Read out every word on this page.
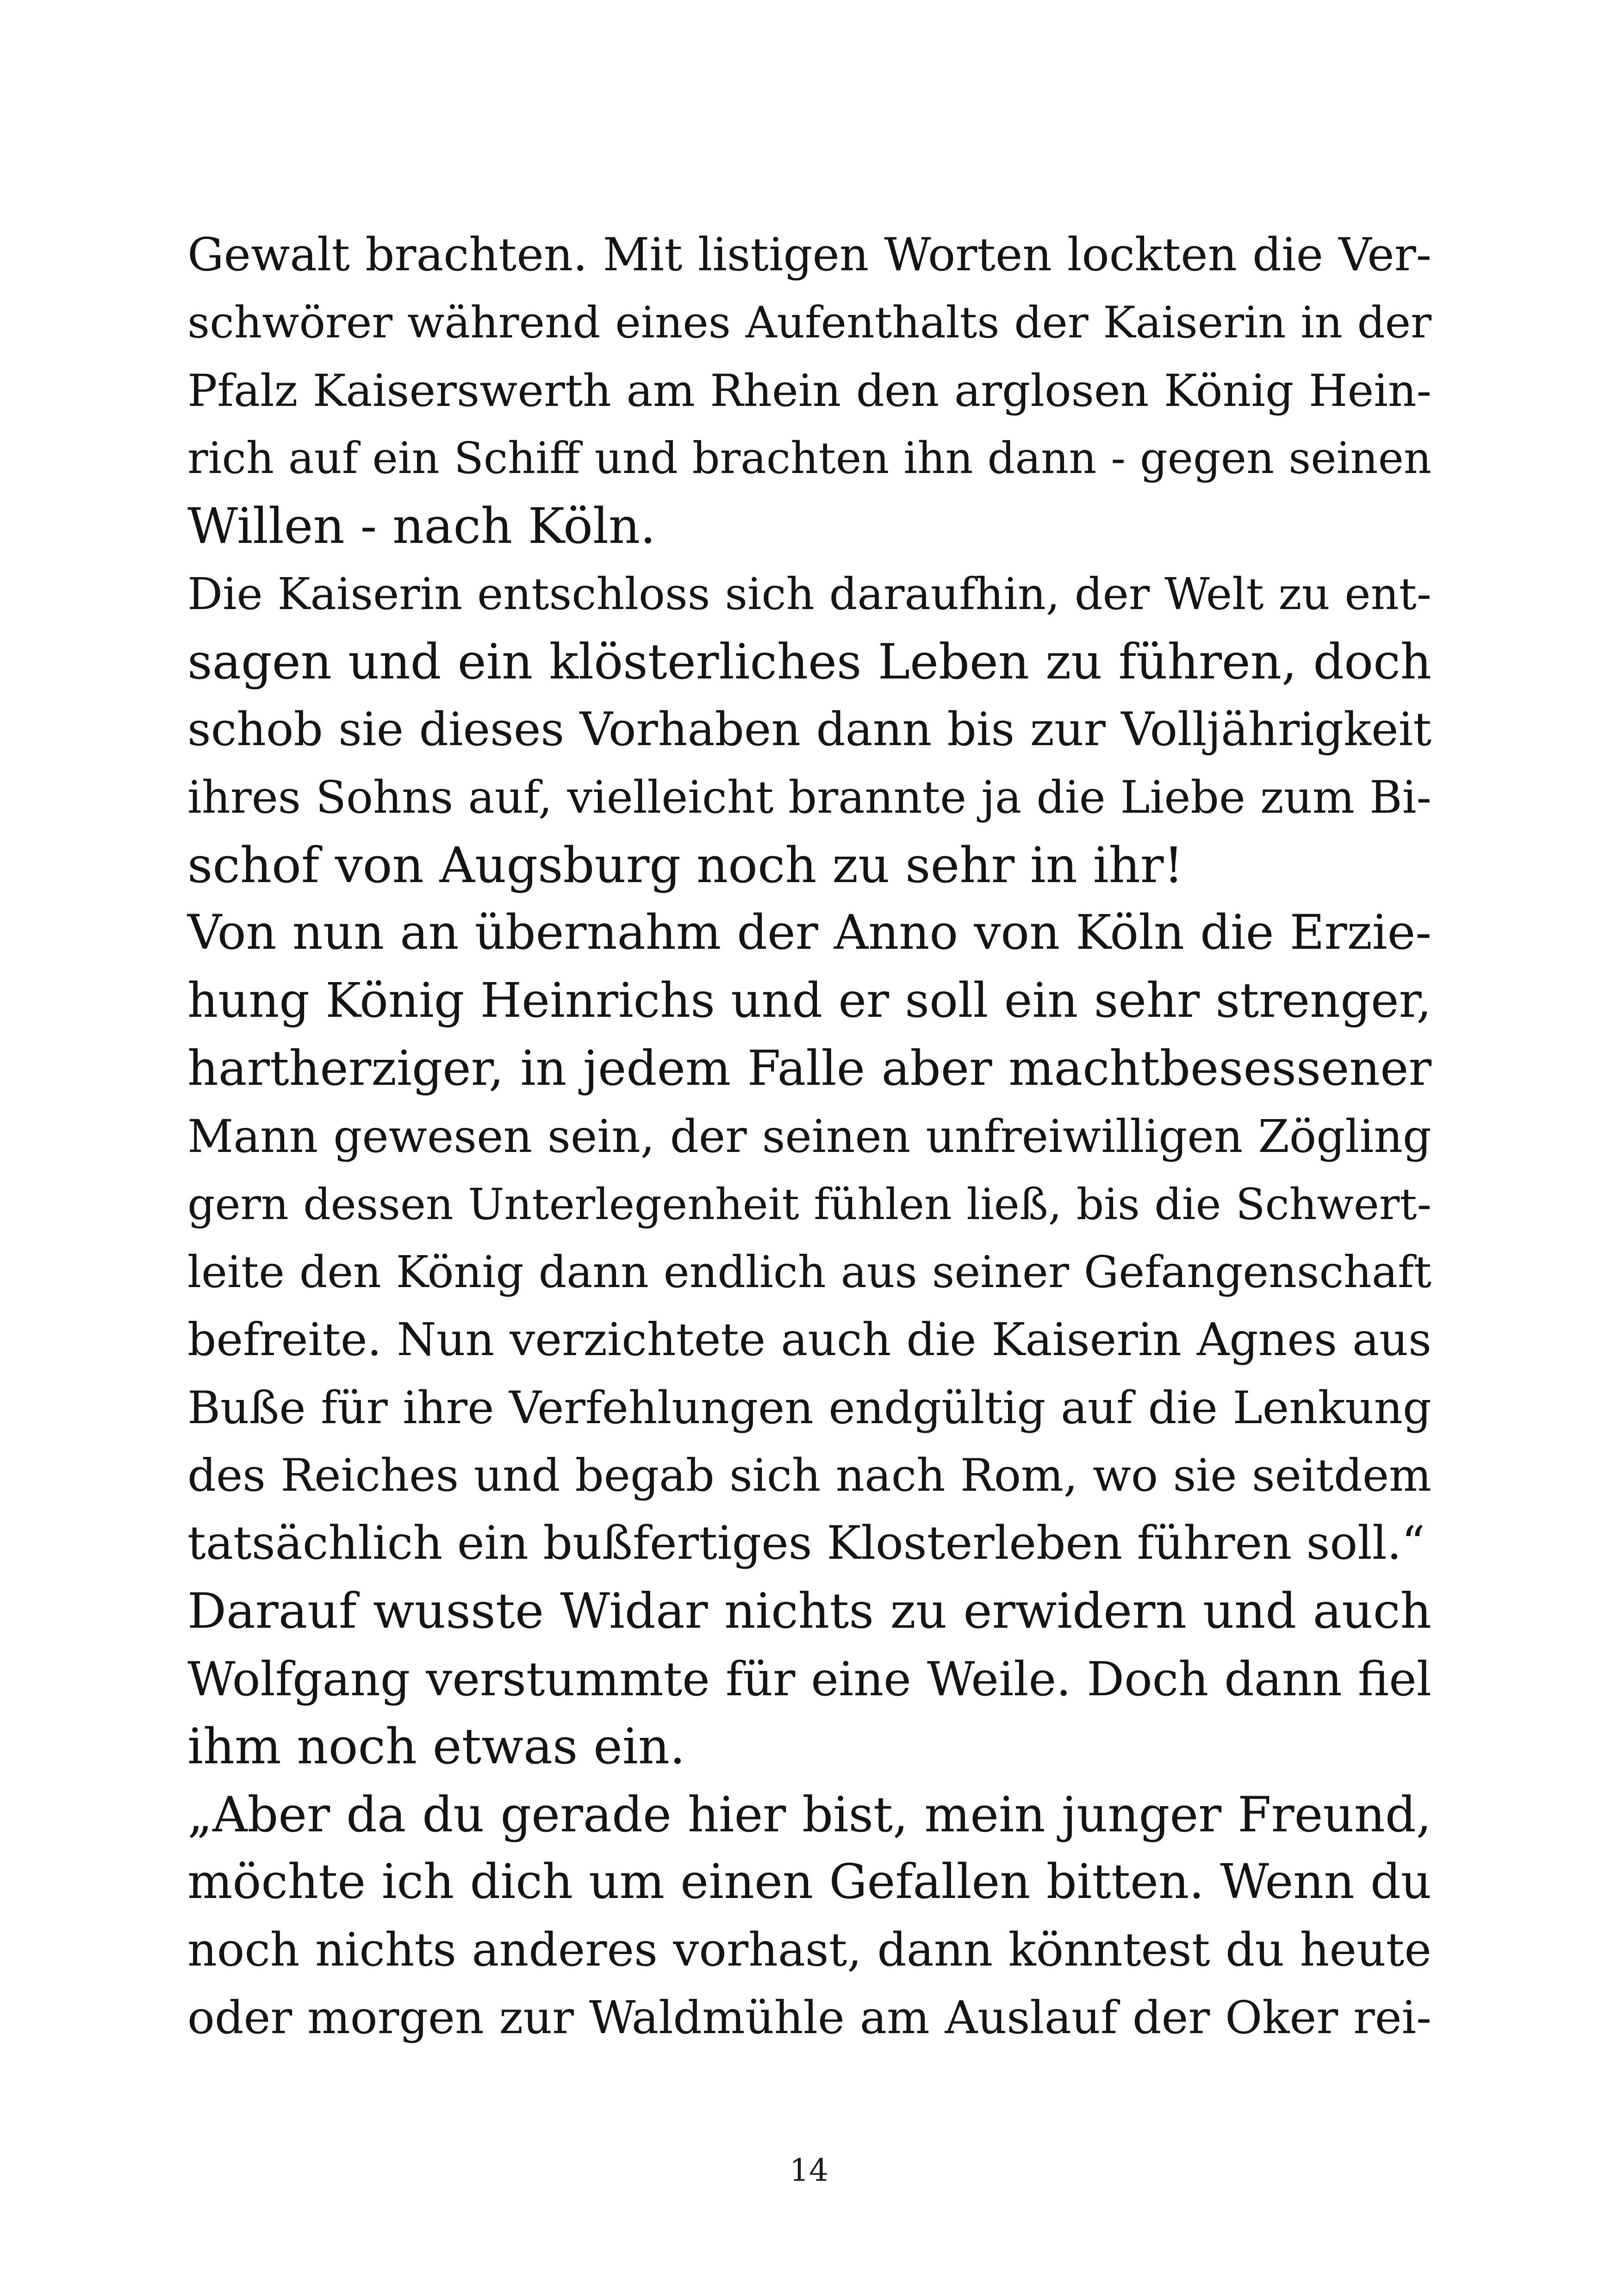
Gewalt brachten. Mit listigen Worten lockten die Ver-
schwörer während eines Aufenthalts der Kaiserin in der
Pfalz Kaiserswerth am Rhein den arglosen König Hein-
rich auf ein Schiff und brachten ihn dann - gegen seinen
Willen - nach Köln.

Die Kaiserin entschloss sich daraufhin, der Welt zu ent-
sagen und ein klösterliches Leben zu führen, doch
schob sie dieses Vorhaben dann bis zur Volljährigkeit
ihres Sohns auf, vielleicht brannte ja die Liebe zum Bi-
schof von Augsburg noch zu sehr in ihr!

Von nun an übernahm der Anno von Köln die Erzie-
hung König Heinrichs und er soll ein sehr strenger,
hartherziger, in jedem Falle aber machtbesessener
Mann gewesen sein, der seinen unfreiwilligen Zögling
gern dessen Unterlegenheit fühlen ließ, bis die Schwert-
leite den König dann endlich aus seiner Gefangenschaft
befreite. Nun verzichtete auch die Kaiserin Agnes aus
Buße für ihre Verfehlungen endgültig auf die Lenkung
des Reiches und begab sich nach Rom, wo sie seitdem
tatsächlich ein bußfertiges Klosterleben führen soll.“

Darauf wusste Widar nichts zu erwidern und auch
Wolfgang verstummte für eine Weile. Doch dann fiel
ihm noch etwas ein.

„Aber da du gerade hier bist, mein junger Freund,
möchte ich dich um einen Gefallen bitten. Wenn du
noch nichts anderes vorhast, dann könntest du heute
oder morgen zur Waldmühle am Auslauf der Oker rei-

14
